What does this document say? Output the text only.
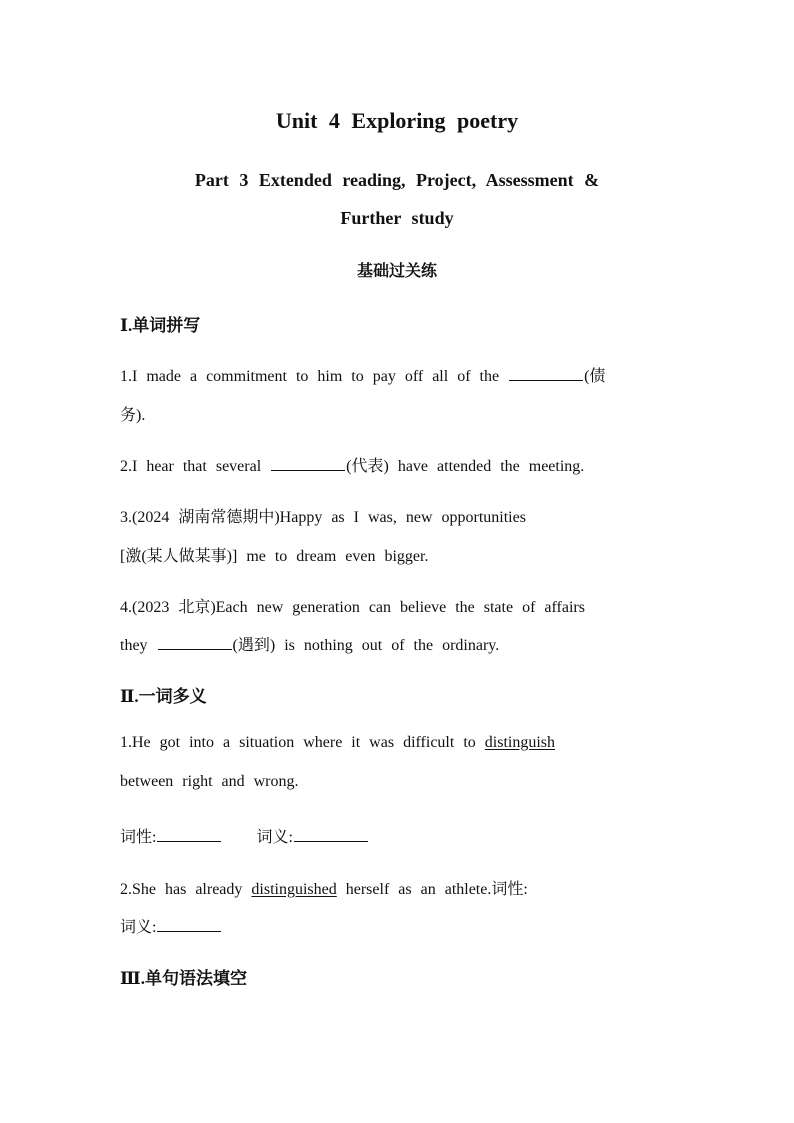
Unit 4 Exploring poetry
Part 3 Extended reading, Project, Assessment &
Further study
基础过关练
Ⅰ.单词拼写
1.I made a commitment to him to pay off all of the	(债
务).
2.I hear that several	(代表) have attended the meeting.
3.(2024 湖南常德期中)Happy as I was, new opportunities
[激(某人做某事)] me to dream even bigger.
4.(2023 北京)Each new generation can believe the state of affairs
they	(遇到) is nothing out of the ordinary.
Ⅱ.一词多义
1.He got into a situation where it was difficult to distinguish
between right and wrong.
词性:	词义:
2.She has already distinguished herself as an athlete.词性:
词义:
Ⅲ.单句语法填空
